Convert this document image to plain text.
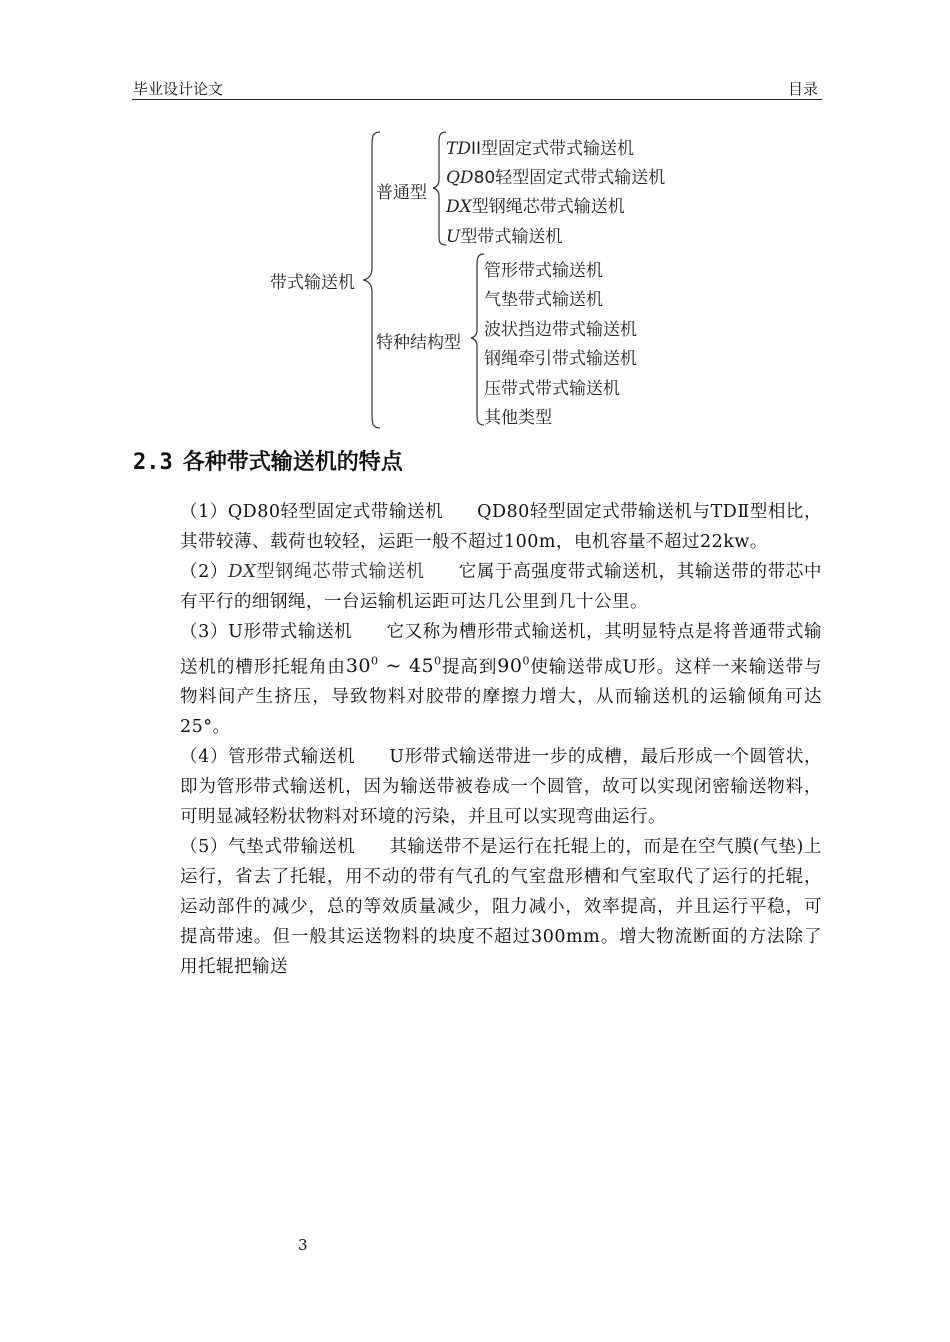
毕业设计论文	目录
带式输送机
普通型
特种结构型
TDII型固定式带式输送机
QD80轻型固定式带式输送机
DX型钢绳芯带式输送机
U型带式输送机
管形带式输送机
气垫带式输送机
波状挡边带式输送机
钢绳牵引带式输送机
压带式带式输送机
其他类型
2.3 各种带式输送机的特点

（1）QD80轻型固定式带输送机 QD80轻型固定式带输送机与TDⅡ型相比，其带较薄、载荷也较轻，运距一般不超过100m，电机容量不超过22kw。

（2）DX型钢绳芯带式输送机 它属于高强度带式输送机，其输送带的带芯中有平行的细钢绳，一台运输机运距可达几公里到几十公里。

（3）U形带式输送机 它又称为槽形带式输送机，其明显特点是将普通带式输送机的槽形托辊角由$30^0$ ~ $45^0$提高到$90^0$使输送带成U形。这样一来输送带与物料间产生挤压，导致物料对胶带的摩擦力增大，从而输送机的运输倾角可达25°。

（4）管形带式输送机 U形带式输送带进一步的成槽，最后形成一个圆管状，即为管形带式输送机，因为输送带被卷成一个圆管，故可以实现闭密输送物料，可明显减轻粉状物料对环境的污染，并且可以实现弯曲运行。

（5）气垫式带输送机 其输送带不是运行在托辊上的，而是在空气膜(气垫)上运行，省去了托辊，用不动的带有气孔的气室盘形槽和气室取代了运行的托辊，运动部件的减少，总的等效质量减少，阻力减小，效率提高，并且运行平稳，可提高带速。但一般其运送物料的块度不超过300mm。增大物流断面的方法除了用托辊把输送

3
